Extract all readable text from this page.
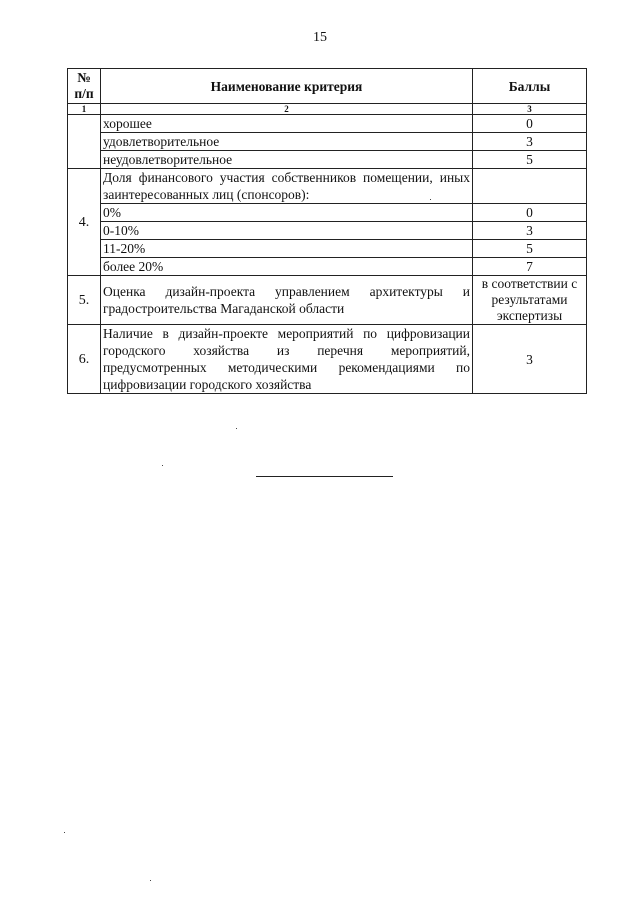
15
№ п/п	Наименование критерия	Баллы
1	2	3
	хорошее	0
	удовлетворительное	3
	неудовлетворительное	5
4.	Доля финансового участия собственников помещении, иных заинтересованных лиц (спонсоров):	
	0%	0
	0-10%	3
	11-20%	5
	более 20%	7
5.	Оценка дизайн-проекта управлением архитектуры и градостроительства Магаданской области	в соответствии с результатами экспертизы

6.	Наличие в дизайн-проекте мероприятий по цифровизации городского хозяйства из перечня мероприятий, предусмотренных методическими рекомендациями по цифровизации городского хозяйства	3
